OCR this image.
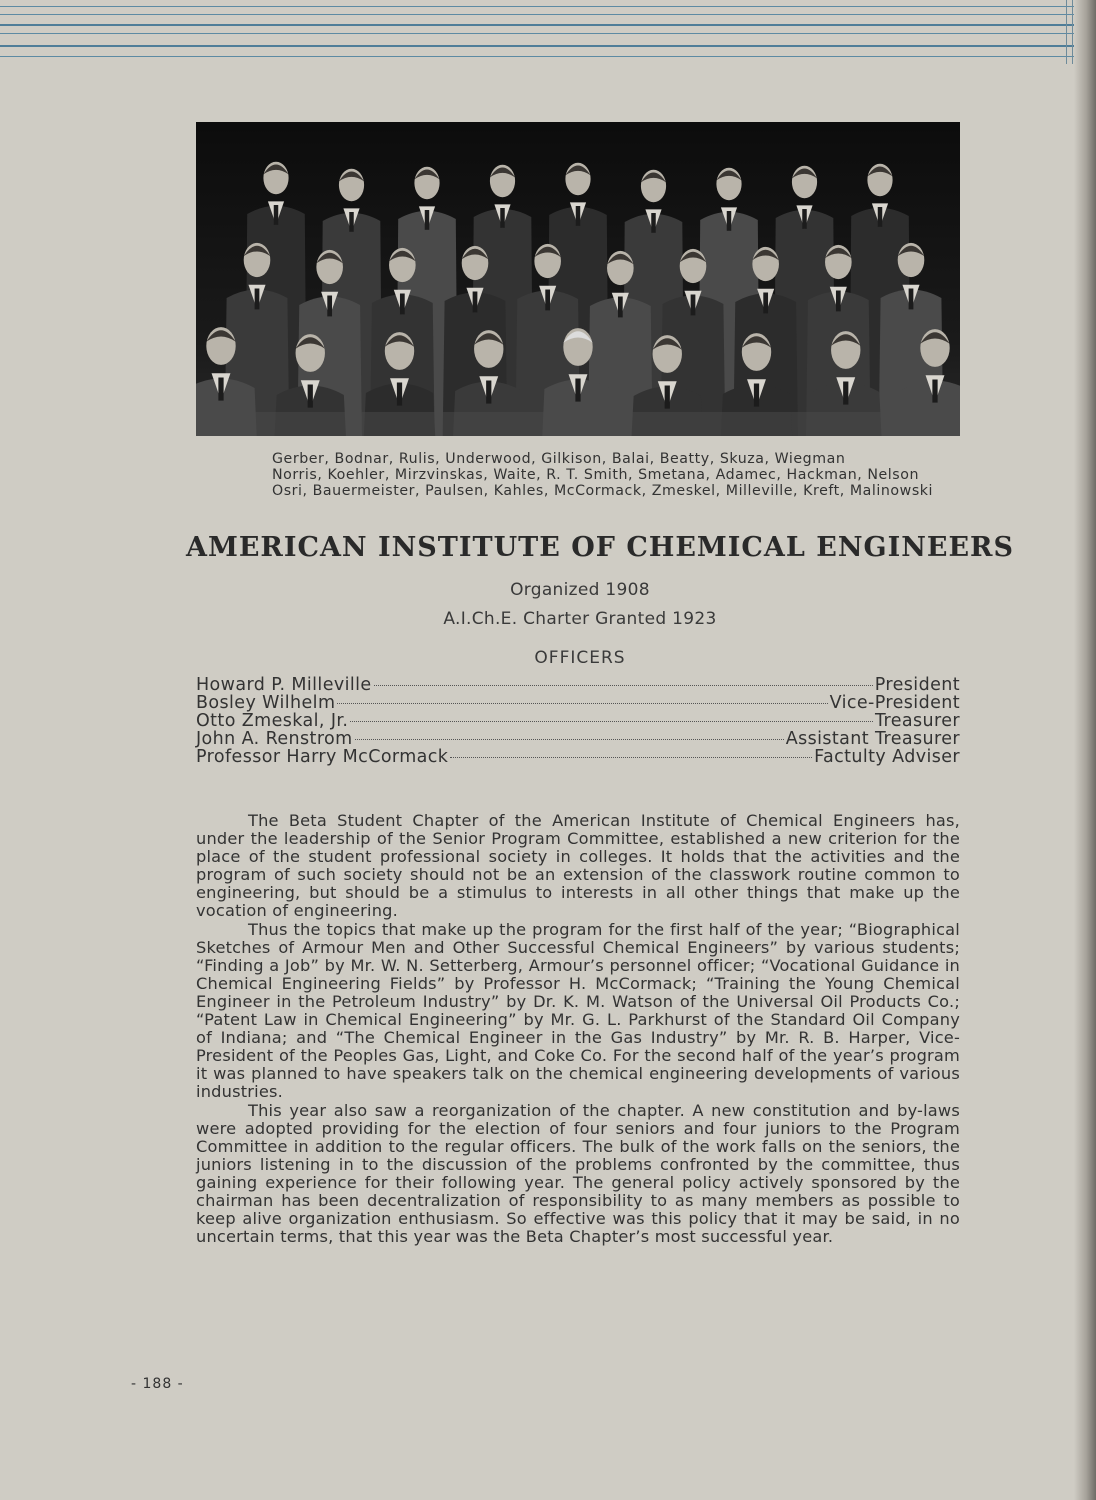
Gerber, Bodnar, Rulis, Underwood, Gilkison, Balai, Beatty, Skuza, Wiegman
Norris, Koehler, Mirzvinskas, Waite, R. T. Smith, Smetana, Adamec, Hackman, Nelson
Osri, Bauermeister, Paulsen, Kahles, McCormack, Zmeskel, Milleville, Kreft, Malinowski
AMERICAN INSTITUTE OF CHEMICAL ENGINEERS
Organized 1908
A.I.Ch.E. Charter Granted 1923
OFFICERS
Howard P. Milleville	President
Bosley Wilhelm	Vice-President
Otto Zmeskal, Jr.	Treasurer
John A. Renstrom	Assistant Treasurer
Professor Harry McCormack	Factulty Adviser

The Beta Student Chapter of the American Institute of Chemical Engineers has, under the leadership of the Senior Program Committee, established a new criterion for the place of the student professional society in colleges. It holds that the activities and the program of such society should not be an extension of the classwork routine common to engineering, but should be a stimulus to interests in all other things that make up the vocation of engineering.

Thus the topics that make up the program for the first half of the year; “Biographical Sketches of Armour Men and Other Successful Chemical Engineers” by various students; “Finding a Job” by Mr. W. N. Setterberg, Armour’s personnel officer; “Vocational Guidance in Chemical Engineering Fields” by Professor H. McCormack; “Training the Young Chemical Engineer in the Petroleum Industry” by Dr. K. M. Watson of the Universal Oil Products Co.; “Patent Law in Chemical Engineering” by Mr. G. L. Parkhurst of the Standard Oil Company of Indiana; and “The Chemical Engineer in the Gas Industry” by Mr. R. B. Harper, Vice-President of the Peoples Gas, Light, and Coke Co. For the second half of the year’s program it was planned to have speakers talk on the chemical engineering developments of various industries.

This year also saw a reorganization of the chapter. A new constitution and by-laws were adopted providing for the election of four seniors and four juniors to the Program Committee in addition to the regular officers. The bulk of the work falls on the seniors, the juniors listening in to the discussion of the problems confronted by the committee, thus gaining experience for their following year. The general policy actively sponsored by the chairman has been decentralization of responsibility to as many members as possible to keep alive organization enthusiasm. So effective was this policy that it may be said, in no uncertain terms, that this year was the Beta Chapter’s most successful year.

- 188 -
